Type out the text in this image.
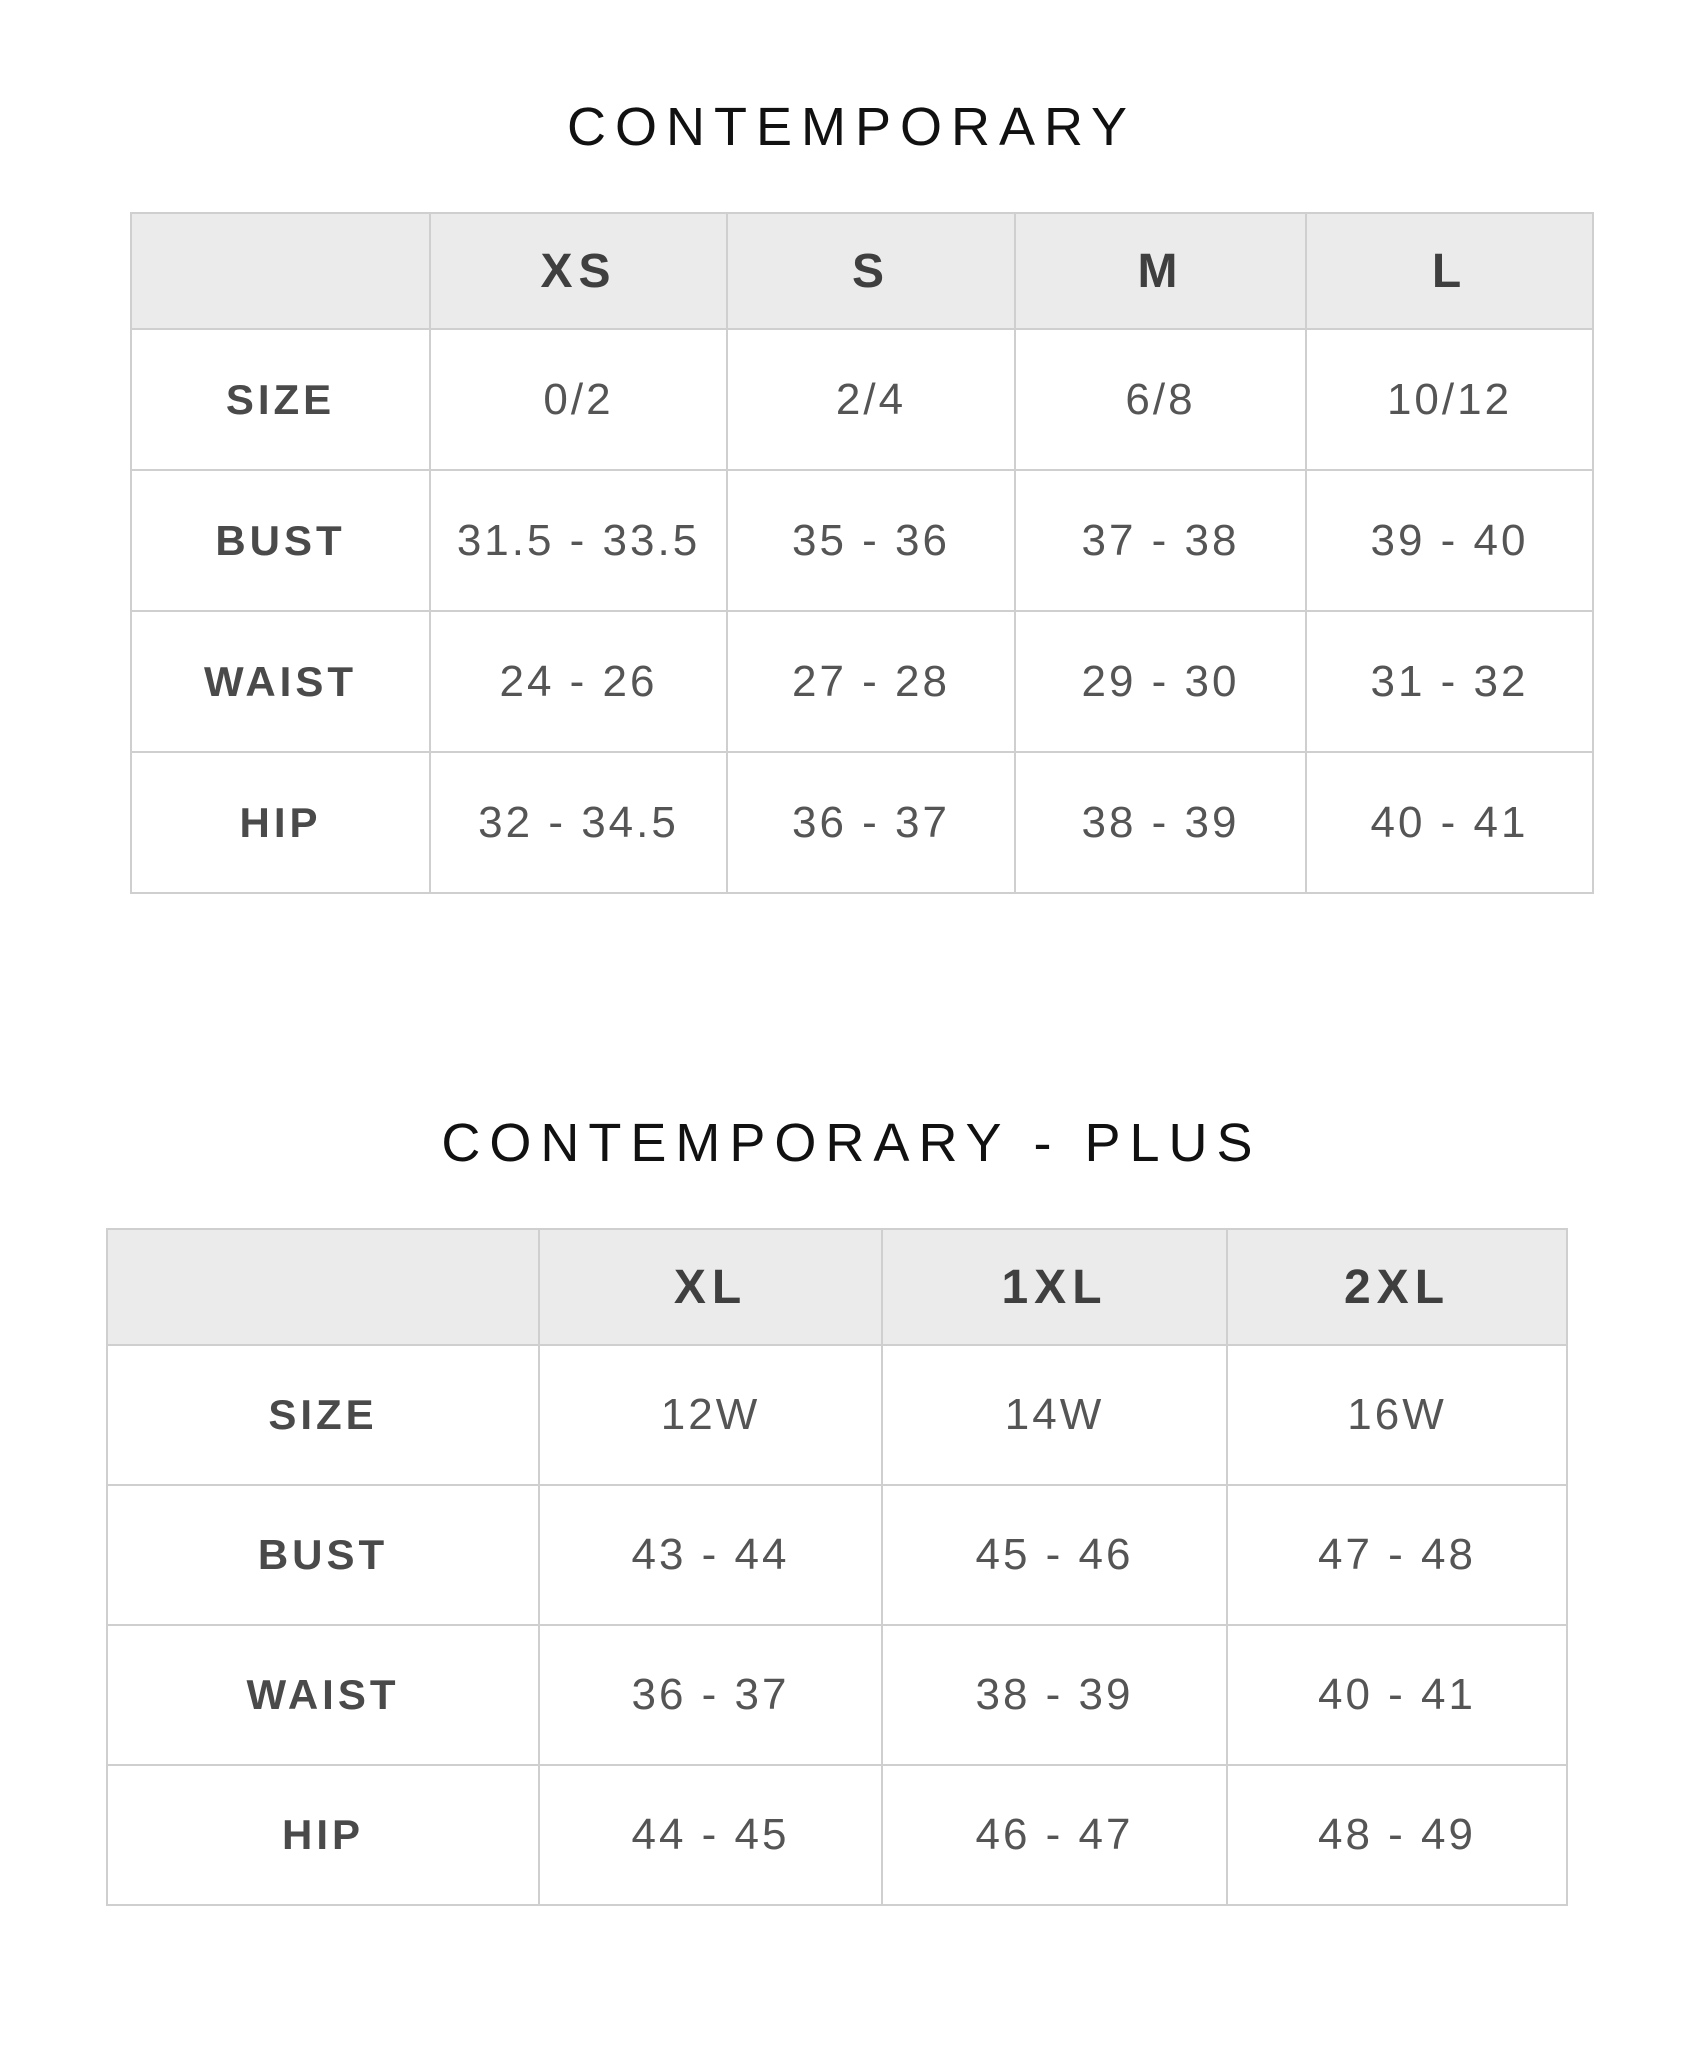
CONTEMPORARY
	XS	S	M	L
SIZE	0/2	2/4	6/8	10/12
BUST	31.5 - 33.5	35 - 36	37 - 38	39 - 40
WAIST	24 - 26	27 - 28	29 - 30	31 - 32
HIP	32 - 34.5	36 - 37	38 - 39	40 - 41
CONTEMPORARY - PLUS
	XL	1XL	2XL
SIZE	12W	14W	16W
BUST	43 - 44	45 - 46	47 - 48
WAIST	36 - 37	38 - 39	40 - 41
HIP	44 - 45	46 - 47	48 - 49
